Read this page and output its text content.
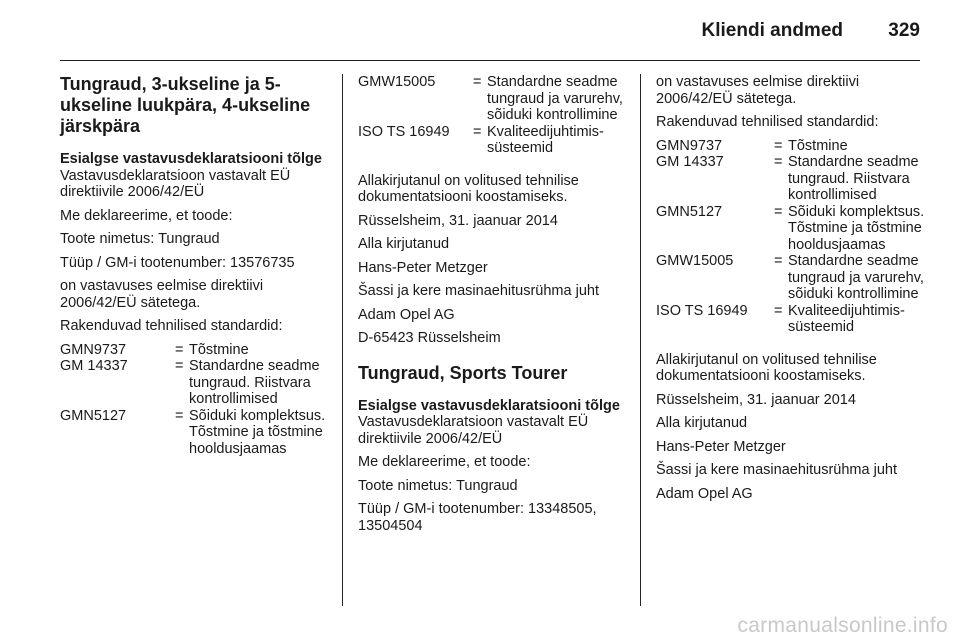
Kliendi andmed 329
Tungraud, 3-ukseline ja 5-ukseline luukpära, 4-ukseline järskpära
Esialgse vastavusdeklaratsiooni tõlge
Vastavusdeklaratsioon vastavalt EÜ direktiivile 2006/42/EÜ
Me deklareerime, et toode:
Toote nimetus: Tungraud
Tüüp / GM-i tootenumber: 13576735
on vastavuses eelmise direktiivi 2006/42/EÜ sätetega.
Rakenduvad tehnilised standardid:
GMN9737	= Tõstmine
GM 14337	= Standardne seadme tungraud. Riistvara kontrollimised
GMN5127	= Sõiduki komplektsus. Tõstmine ja tõstmine hooldusjaamas
GMW15005	= Standardne seadme tungraud ja varurehv, sõiduki kontrollimine
ISO TS 16949	= Kvaliteedijuhtimis-süsteemid
Allakirjutanul on volitused tehnilise dokumentatsiooni koostamiseks.
Rüsselsheim, 31. jaanuar 2014
Alla kirjutanud
Hans-Peter Metzger
Šassi ja kere masinaehitusrühma juht
Adam Opel AG
D-65423 Rüsselsheim
Tungraud, Sports Tourer
Esialgse vastavusdeklaratsiooni tõlge
Vastavusdeklaratsioon vastavalt EÜ direktiivile 2006/42/EÜ
Me deklareerime, et toode:
Toote nimetus: Tungraud
Tüüp / GM-i tootenumber: 13348505, 13504504
on vastavuses eelmise direktiivi 2006/42/EÜ sätetega.
Rakenduvad tehnilised standardid:
GMN9737	= Tõstmine
GM 14337	= Standardne seadme tungraud. Riistvara kontrollimised
GMN5127	= Sõiduki komplektsus. Tõstmine ja tõstmine hooldusjaamas
GMW15005	= Standardne seadme tungraud ja varurehv, sõiduki kontrollimine
ISO TS 16949	= Kvaliteedijuhtimis-süsteemid
Allakirjutanul on volitused tehnilise dokumentatsiooni koostamiseks.
Rüsselsheim, 31. jaanuar 2014
Alla kirjutanud
Hans-Peter Metzger
Šassi ja kere masinaehitusrühma juht
Adam Opel AG
carmanualsonline.info
